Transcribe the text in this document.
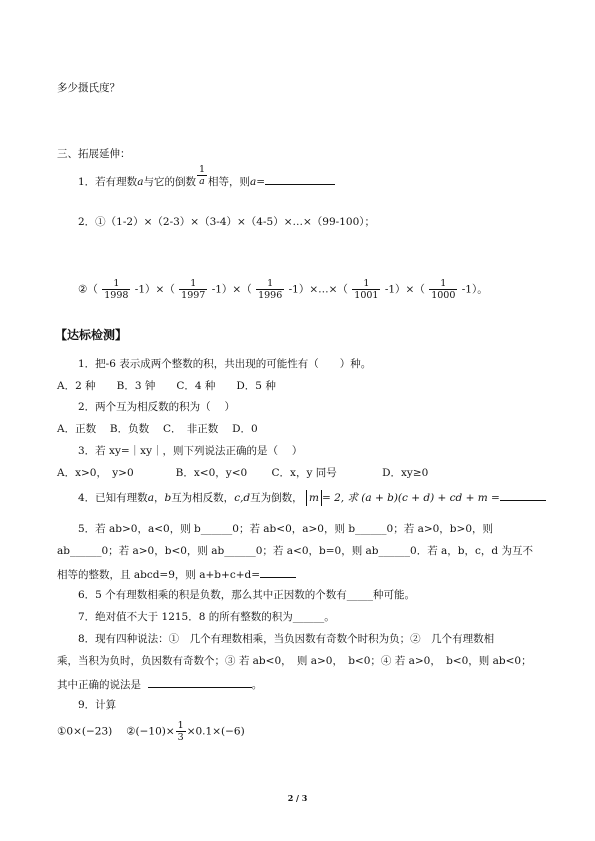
多少摄氏度？
三、拓展延伸：
1．若有理数a与它的倒数 $\frac{1}{a}$ 相等，则a=
2．①（1-2）×（2-3）×（3-4）×（4-5）×…×（99-100）；
②（ $\frac{1}{1998} -1)\times( \frac{1}{1997} -1)\times( \frac{1}{1996}$ -1）×…×（ $\frac{1}{1001} -1)\times( \frac{1}{1000} -1)$。
【达标检测】
1．把-6 表示成两个整数的积，共出现的可能性有（　　）种。
A．2 种　　B．3 钟　　C．4 种　　D．5 种
2．两个互为相反数的积为（　 ）
A．正数　 B．负数　 C．　非正数　 D．0
3．若 xy=｜xy｜，则下列说法正确的是（　 ）
A．x>0，　y>0　　　　B．x<0，y<0　　 C．x，y 同号　　　　 D．xy≥0
4．已知有理数a，b互为相反数，c,d互为倒数， m = 2, 求 (a + b)(c + d) + cd + m =
5．若 ab>0，a<0，则 b______0；若 ab<0，a>0，则 b______0；若 a>0，b>0，则
ab______0；若 a>0，b<0，则 ab______0；若 a<0，b=0，则 ab______0．若 a，b，c，d 为互不
相等的整数，且 abcd=9，则 a+b+c+d=
6．5 个有理数相乘的积是负数，那么其中正因数的个数有_____种可能。
7．绝对值不大于 1215．8 的所有整数的积为______。
8．现有四种说法：①　几个有理数相乘，当负因数有奇数个时积为负；②　几个有理数相
乘，当积为负时，负因数有奇数个；③ 若 ab<0，　则 a>0，　b<0；④ 若 a>0，　b<0，则 ab<0；
其中正确的说法是	。
9．计算
①0×(−23)　 ②(−10)× $\frac{1}{3} \times 0.1\times(-6)$
2 / 3
